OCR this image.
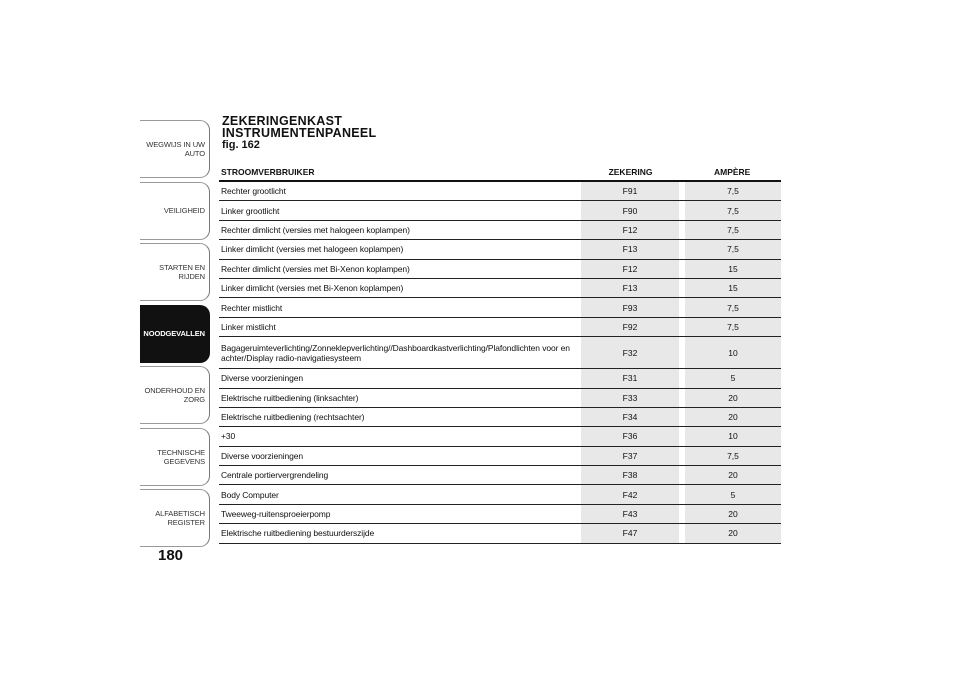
WEGWIJS IN UW
AUTO
VEILIGHEID
STARTEN EN RIJDEN
NOODGEVALLEN
ONDERHOUD EN
ZORG
TECHNISCHE
GEGEVENS
ALFABETISCH
REGISTER
180
ZEKERINGENKAST
INSTRUMENTENPANEEL
fig. 162
STROOMVERBRUIKER	ZEKERING	AMPÈRE
Rechter grootlicht	F91	7,5
Linker grootlicht	F90	7,5
Rechter dimlicht (versies met halogeen koplampen)	F12	7,5
Linker dimlicht (versies met halogeen koplampen)	F13	7,5
Rechter dimlicht (versies met Bi-Xenon koplampen)	F12	15
Linker dimlicht (versies met Bi-Xenon koplampen)	F13	15
Rechter mistlicht	F93	7,5
Linker mistlicht	F92	7,5
Bagageruimteverlichting/Zonneklepverlichting//Dashboardkastverlichting/Plafondlichten voor en achter/Display radio-navigatiesysteem	F32	10
Diverse voorzieningen	F31	5
Elektrische ruitbediening (linksachter)	F33	20
Elektrische ruitbediening (rechtsachter)	F34	20
+30	F36	10
Diverse voorzieningen	F37	7,5
Centrale portiervergrendeling	F38	20
Body Computer	F42	5
Tweeweg-ruitensproeierpomp	F43	20
Elektrische ruitbediening bestuurderszijde	F47	20
